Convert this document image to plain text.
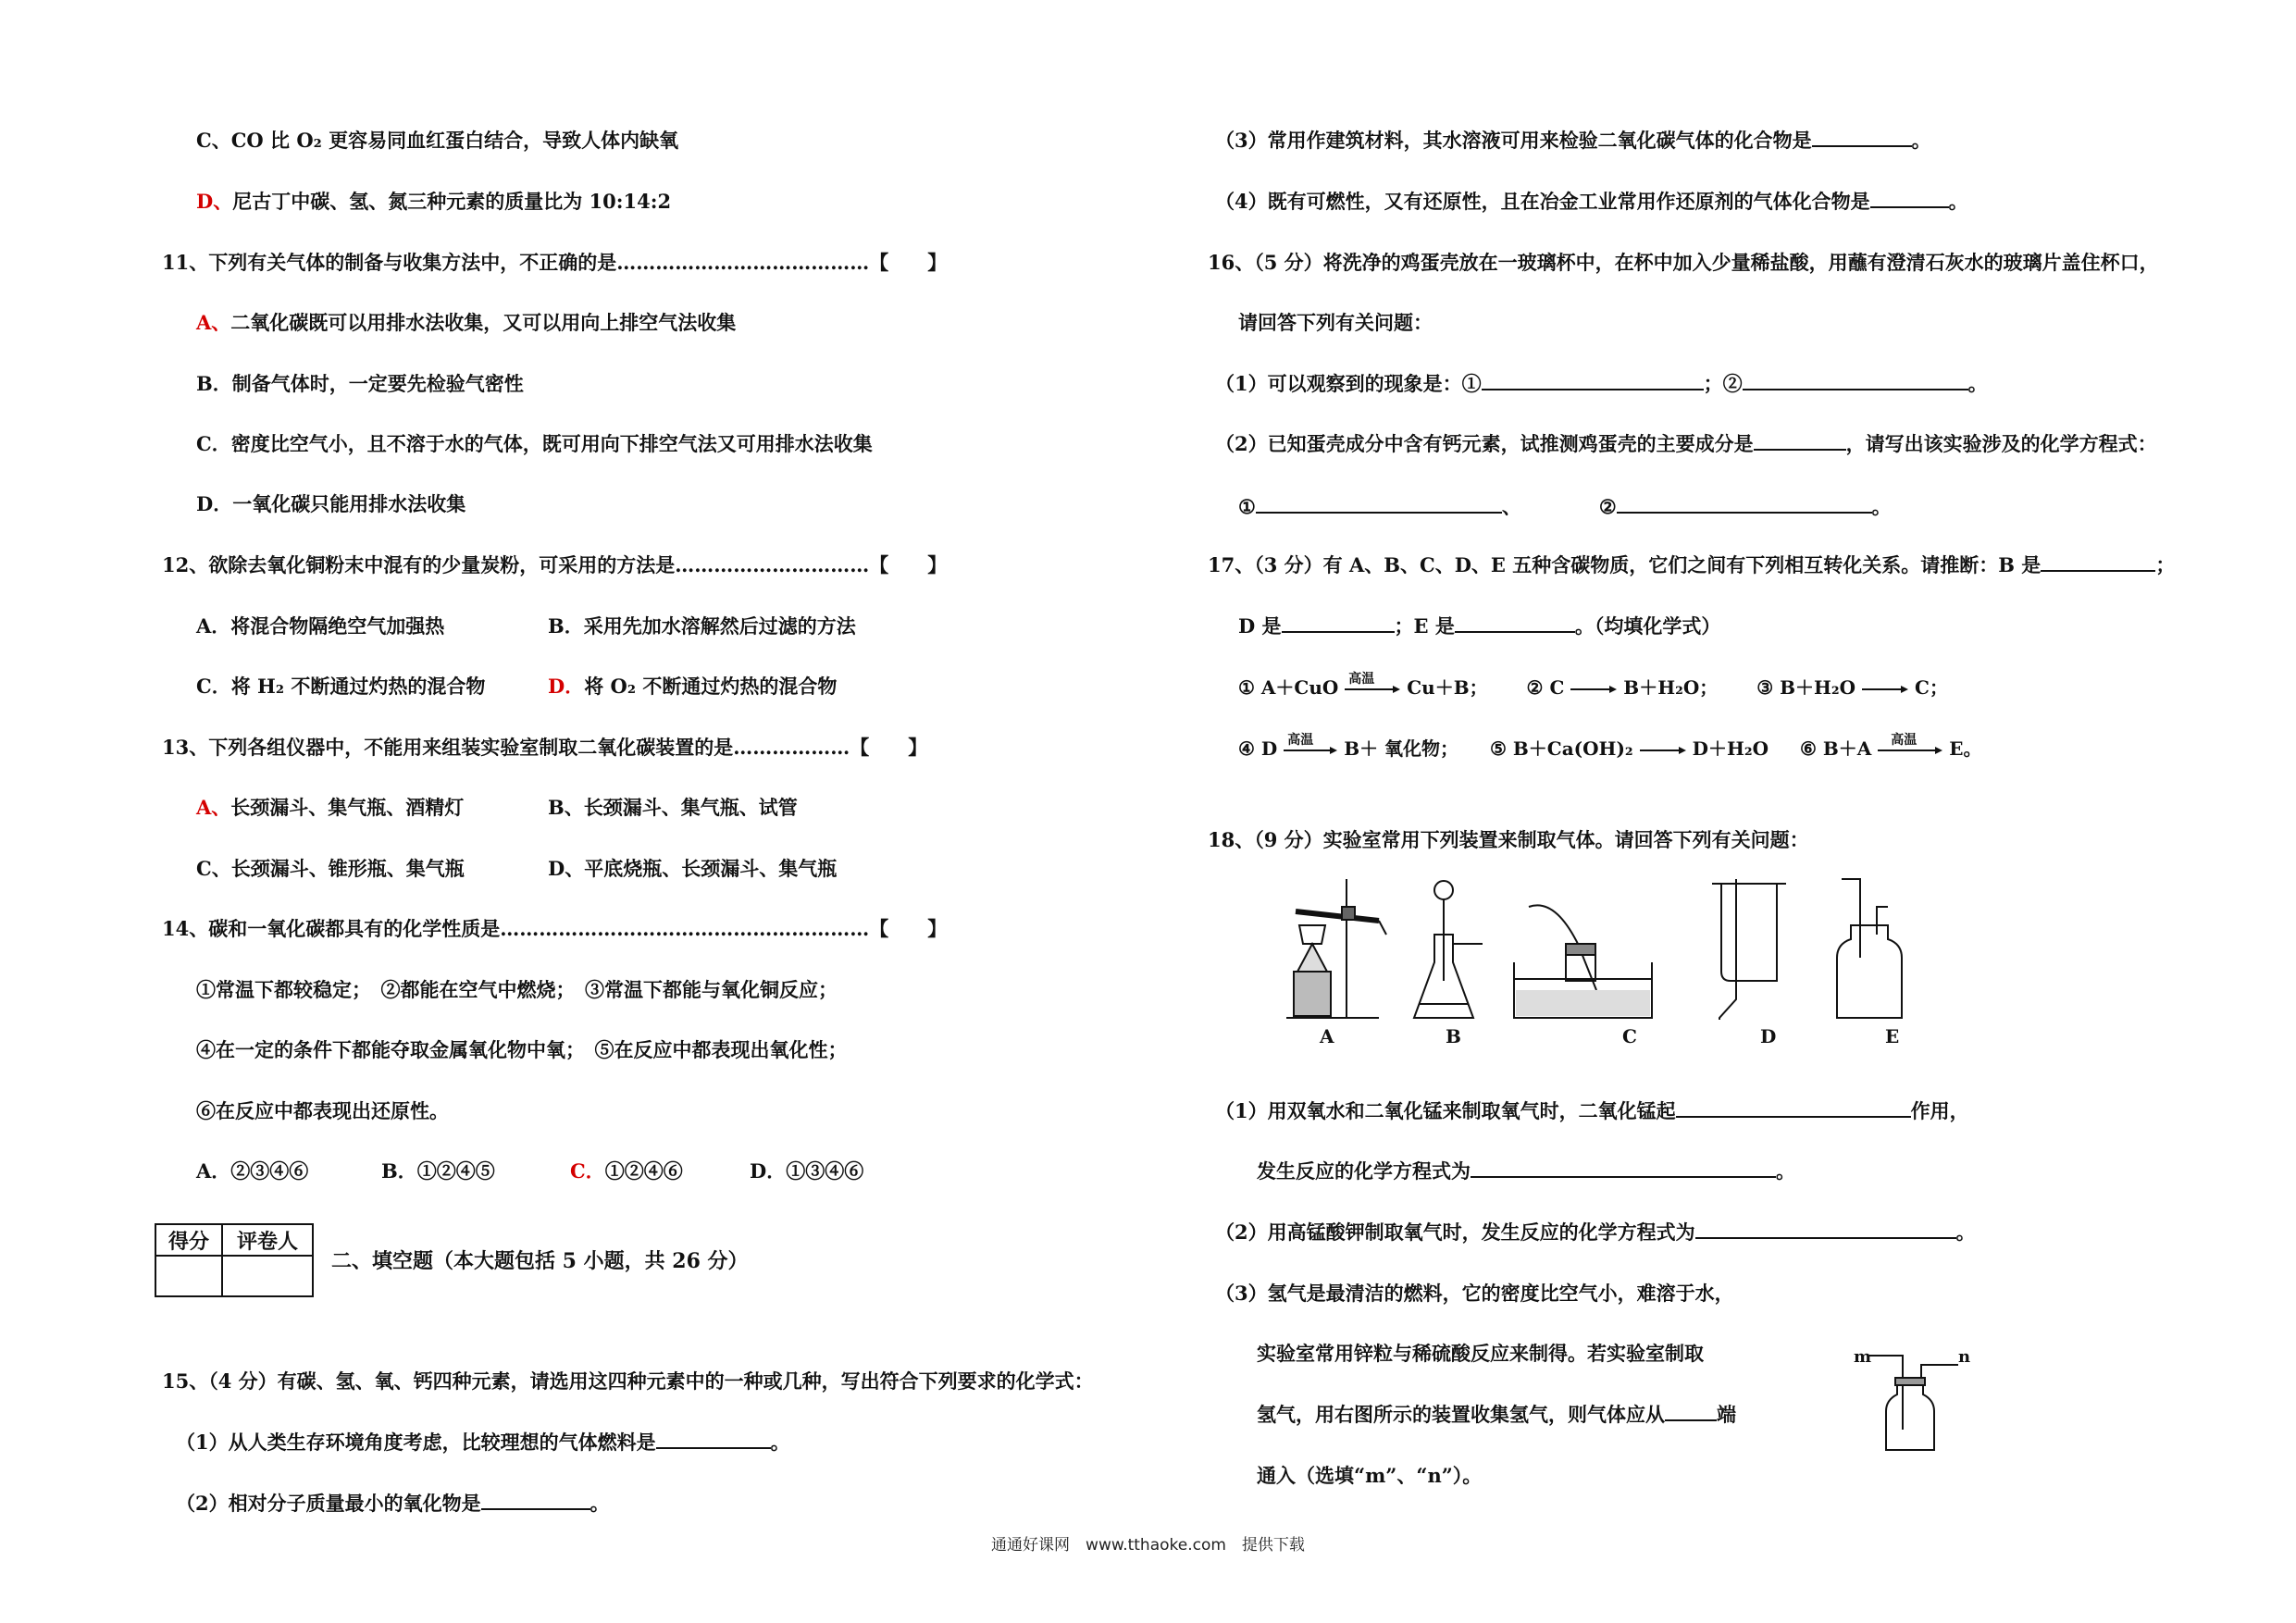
C、CO 比 O₂ 更容易同血红蛋白结合，导致人体内缺氧
D、尼古丁中碳、氢、氮三种元素的质量比为 10:14:2
11、下列有关气体的制备与收集方法中，不正确的是…………………………………【　　】
A、二氧化碳既可以用排水法收集，又可以用向上排空气法收集
B．制备气体时，一定要先检验气密性
C．密度比空气小，且不溶于水的气体，既可用向下排空气法又可用排水法收集
D．一氧化碳只能用排水法收集
12、欲除去氧化铜粉末中混有的少量炭粉，可采用的方法是…………………………【　　】
A．将混合物隔绝空气加强热	B．采用先加水溶解然后过滤的方法
C．将 H₂ 不断通过灼热的混合物	D．将 O₂ 不断通过灼热的混合物
13、下列各组仪器中，不能用来组装实验室制取二氧化碳装置的是………………【　　】
A、长颈漏斗、集气瓶、酒精灯	B、长颈漏斗、集气瓶、试管
C、长颈漏斗、锥形瓶、集气瓶	D、平底烧瓶、长颈漏斗、集气瓶
14、碳和一氧化碳都具有的化学性质是…………………………………………………【　　】
①常温下都较稳定；　②都能在空气中燃烧；　③常温下都能与氧化铜反应；
④在一定的条件下都能夺取金属氧化物中氧；　⑤在反应中都表现出氧化性；
⑥在反应中都表现出还原性。
A．②③④⑥	B．①②④⑤	C．①②④⑥	D．①③④⑥
得分	评卷人

二、填空题（本大题包括 5 小题，共 26 分）
15、（4 分）有碳、氢、氧、钙四种元素，请选用这四种元素中的一种或几种，写出符合下列要求的化学式：
（1）从人类生存环境角度考虑，比较理想的气体燃料是	。
（2）相对分子质量最小的氧化物是	。
（3）常用作建筑材料，其水溶液可用来检验二氧化碳气体的化合物是	。
（4）既有可燃性，又有还原性，且在冶金工业常用作还原剂的气体化合物是	。
16、（5 分）将洗净的鸡蛋壳放在一玻璃杯中，在杯中加入少量稀盐酸，用蘸有澄清石灰水的玻璃片盖住杯口，
请回答下列有关问题：
（1）可以观察到的现象是：①	；②	。
（2）已知蛋壳成分中含有钙元素，试推测鸡蛋壳的主要成分是	，请写出该实验涉及的化学方程式：
①	、	②	。
17、（3 分）有 A、B、C、D、E 五种含碳物质，它们之间有下列相互转化关系。请推断：B 是	；
D 是	；E 是	。（均填化学式）
① A＋CuO 高温 Cu＋B； ② C → B＋H₂O； ③ B＋H₂O → C；
④ D 高温 B＋ 氧化物； ⑤ B＋Ca(OH)₂ → D＋H₂O ⑥ B＋A 高温 E。
18、（9 分）实验室常用下列装置来制取气体。请回答下列有关问题：
A	B	C	D	E
（1）用双氧水和二氧化锰来制取氧气时，二氧化锰起	作用，
发生反应的化学方程式为	。
（2）用高锰酸钾制取氧气时，发生反应的化学方程式为	。
（3）氢气是最清洁的燃料，它的密度比空气小，难溶于水，
实验室常用锌粒与稀硫酸反应来制得。若实验室制取
氢气，用右图所示的装置收集氢气，则气体应从	端
通入（选填“m”、“n”）。
m	n
通通好课网　www.tthaoke.com　提供下载
